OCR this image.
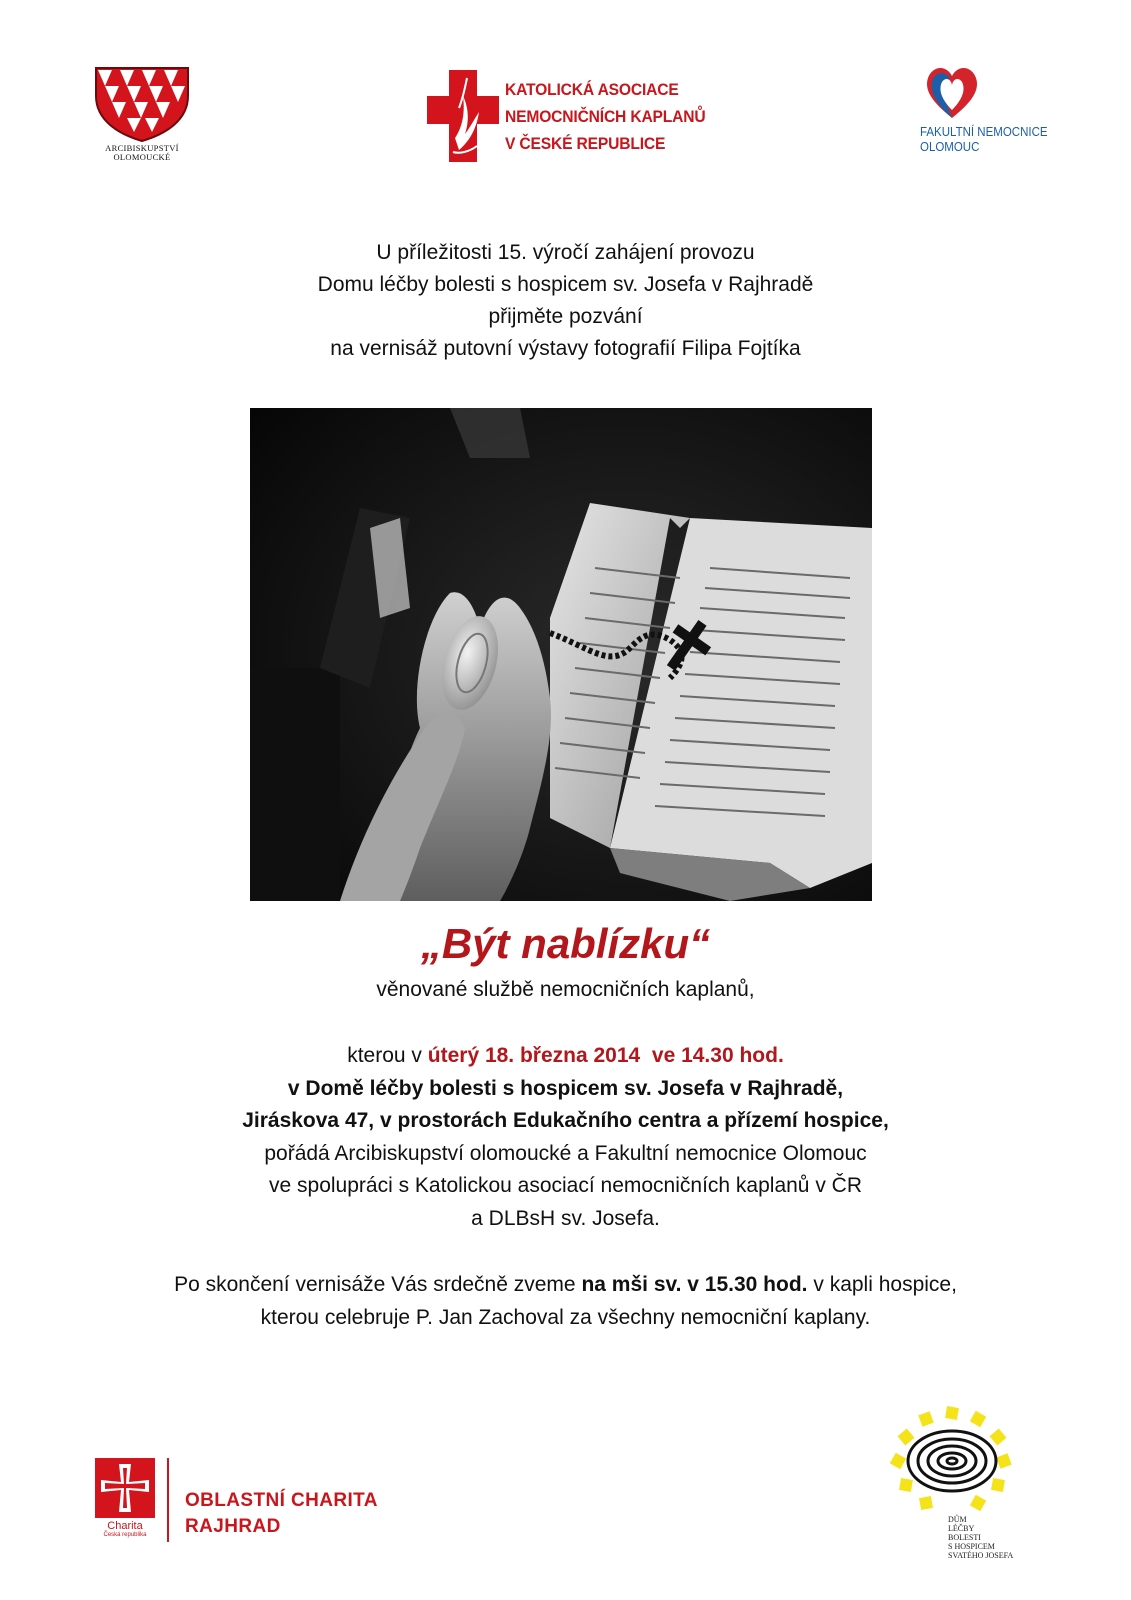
ARCIBISKUPSTVÍ
OLOMOUCKÉ
KATOLICKÁ ASOCIACE
NEMOCNIČNÍCH KAPLANŮ
V ČESKÉ REPUBLICE
FAKULTNÍ NEMOCNICE
OLOMOUC
U příležitosti 15. výročí zahájení provozu
Domu léčby bolesti s hospicem sv. Josefa v Rajhradě
přijměte pozvání
na vernisáž putovní výstavy fotografií Filipa Fojtíka
„Být nablízku“
věnované službě nemocničních kaplanů,
kterou v úterý 18. března 2014  ve 14.30 hod.
v Domě léčby bolesti s hospicem sv. Josefa v Rajhradě,
Jiráskova 47, v prostorách Edukačního centra a přízemí hospice,
pořádá Arcibiskupství olomoucké a Fakultní nemocnice Olomouc
ve spolupráci s Katolickou asociací nemocničních kaplanů v ČR
a DLBsH sv. Josefa.
Po skončení vernisáže Vás srdečně zveme na mši sv. v 15.30 hod. v kapli hospice,
kterou celebruje P. Jan Zachoval za všechny nemocniční kaplany.
Charita
Česká republika
OBLASTNÍ CHARITA
RAJHRAD	DŮM
LÉČBY
BOLESTI
S HOSPICEM
SVATÉHO JOSEFA
